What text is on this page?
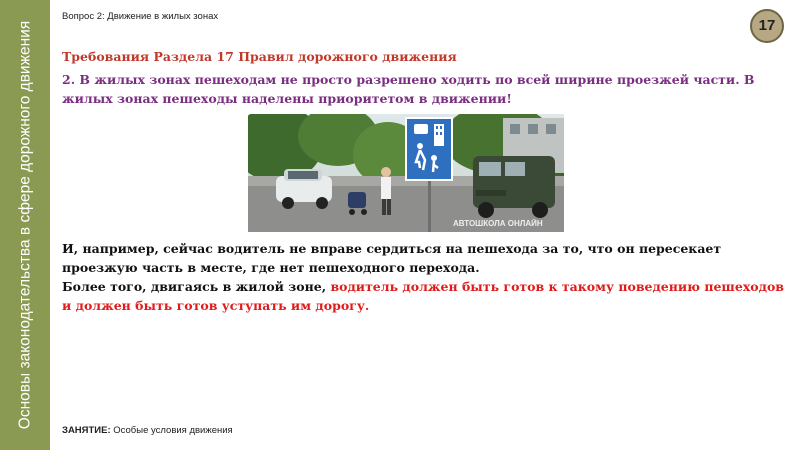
Основы законодательства в сфере дорожного движения
Вопрос 2: Движение в жилых зонах
17
Требования Раздела 17 Правил дорожного движения
2. В жилых зонах пешеходам не просто разрешено ходить по всей ширине проезжей части. В жилых зонах пешеходы наделены приоритетом в движении!
АВТОШКОЛА ОНЛАЙН
И, например, сейчас водитель не вправе сердиться на пешехода за то, что он пересекает проезжую часть в месте, где нет пешеходного перехода.
Более того, двигаясь в жилой зоне, водитель должен быть готов к такому поведению пешеходов и должен быть готов уступать им дорогу.
ЗАНЯТИЕ: Особые условия движения
